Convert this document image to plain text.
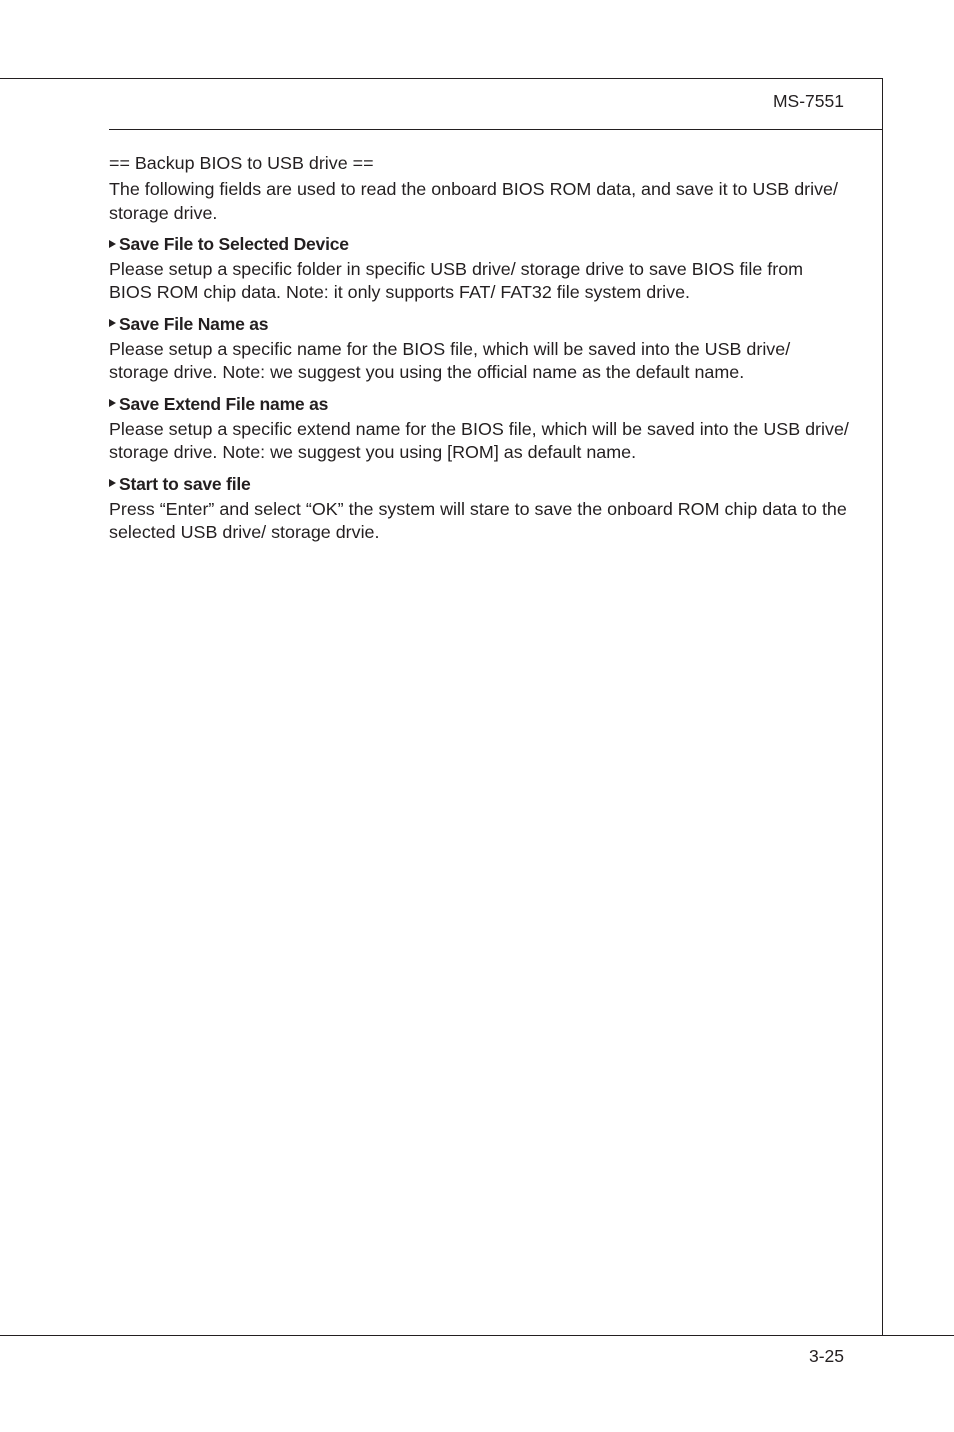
MS-7551

== Backup BIOS to USB drive ==

The following fields are used to read the onboard BIOS ROM data, and save it to USB drive/ storage drive.

Save File to Selected Device

Please setup a specific folder in specific USB drive/ storage drive to save BIOS file from BIOS ROM chip data. Note: it only supports FAT/ FAT32 file system drive.

Save File Name as

Please setup a specific name for the BIOS file, which will be saved into the USB drive/ storage drive. Note: we suggest you using the official name as the default name.

Save Extend File name as

Please setup a specific extend name for the BIOS file, which will be saved into the USB drive/ storage drive. Note: we suggest you using [ROM] as default name.

Start to save file

Press “Enter” and select “OK” the system will stare to save the onboard ROM chip data to the selected USB drive/ storage drvie.

3-25
